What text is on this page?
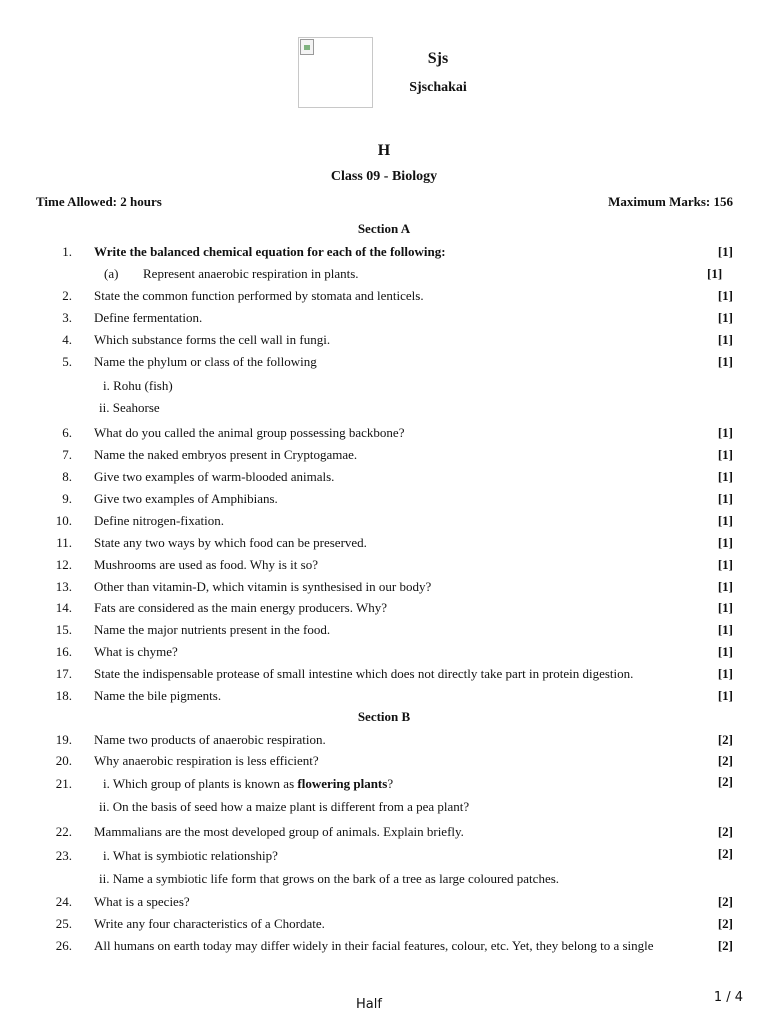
Sjs
Sjschakai
H
Class 09 - Biology
Time Allowed: 2 hours	Maximum Marks: 156
Section A
1. Write the balanced chemical equation for each of the following:	[1]
(a) Represent anaerobic respiration in plants.	[1]
2. State the common function performed by stomata and lenticels.	[1]
3. Define fermentation.	[1]
4. Which substance forms the cell wall in fungi.	[1]
5. Name the phylum or class of the following	[1]
i. Rohu (fish)
ii. Seahorse
6. What do you called the animal group possessing backbone?	[1]
7. Name the naked embryos present in Cryptogamae.	[1]
8. Give two examples of warm-blooded animals.	[1]
9. Give two examples of Amphibians.	[1]
10. Define nitrogen-fixation.	[1]
11. State any two ways by which food can be preserved.	[1]
12. Mushrooms are used as food. Why is it so?	[1]
13. Other than vitamin-D, which vitamin is synthesised in our body?	[1]
14. Fats are considered as the main energy producers. Why?	[1]
15. Name the major nutrients present in the food.	[1]
16. What is chyme?	[1]
17. State the indispensable protease of small intestine which does not directly take part in protein digestion.	[1]
18. Name the bile pigments.	[1]
Section B
19. Name two products of anaerobic respiration.	[2]
20. Why anaerobic respiration is less efficient?	[2]
21. i. Which group of plants is known as flowering plants?	[2]
ii. On the basis of seed how a maize plant is different from a pea plant?
22. Mammalians are the most developed group of animals. Explain briefly.	[2]
23. i. What is symbiotic relationship?	[2]
ii. Name a symbiotic life form that grows on the bark of a tree as large coloured patches.
24. What is a species?	[2]
25. Write any four characteristics of a Chordate.	[2]
26. All humans on earth today may differ widely in their facial features, colour, etc. Yet, they belong to a single	[2]
Half	1 / 4
